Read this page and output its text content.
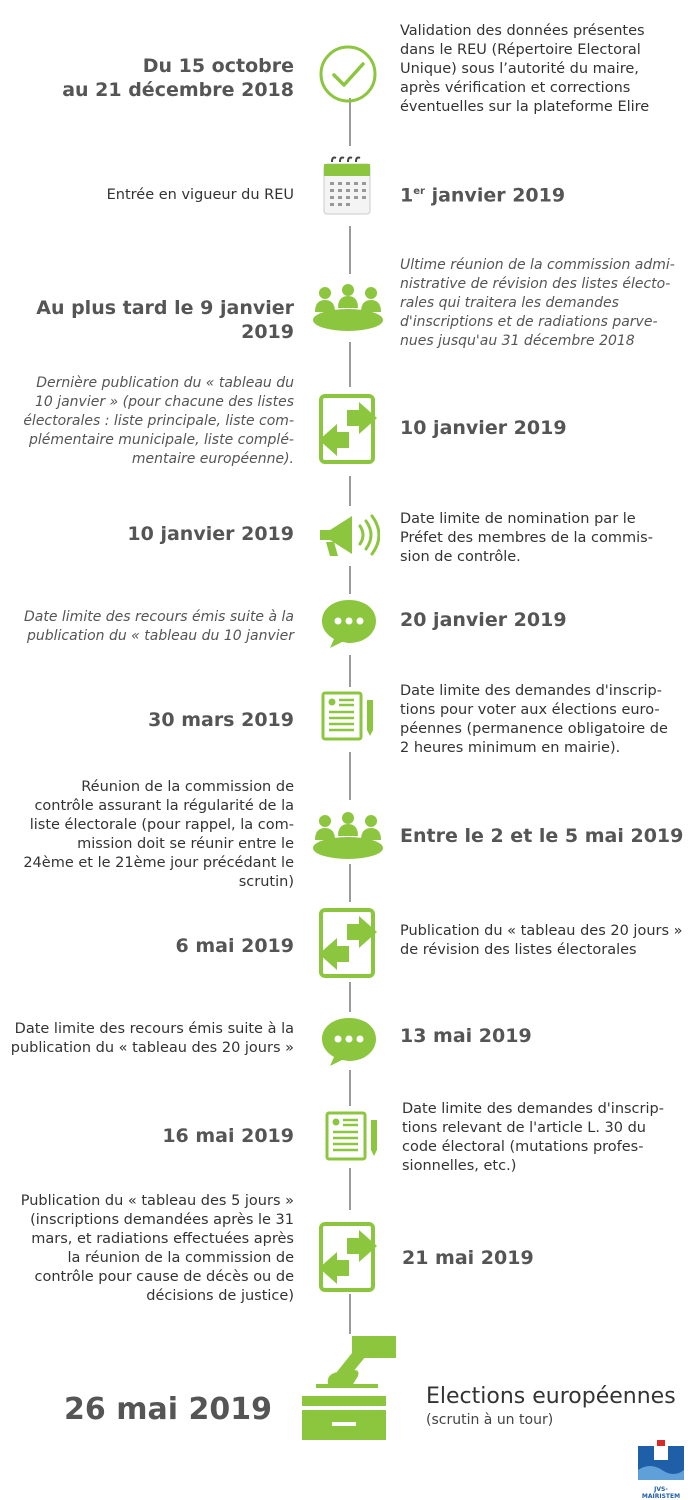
Du 15 octobre
au 21 décembre 2018
Validation des données présentes
dans le REU (Répertoire Electoral
Unique) sous l’autorité du maire,
après vérification et corrections
éventuelles sur la plateforme Elire
Entrée en vigueur du REU	1er janvier 2019
Au plus tard le 9 janvier 2019
Ultime réunion de la commission admi-
nistrative de révision des listes électo-
rales qui traitera les demandes
d'inscriptions et de radiations parve-
nues jusqu'au 31 décembre 2018
Dernière publication du « tableau du
10 janvier » (pour chacune des listes
électorales : liste principale, liste com-
plémentaire municipale, liste complé-
mentaire européenne).
10 janvier 2019
10 janvier 2019
Date limite de nomination par le
Préfet des membres de la commis-
sion de contrôle.
Date limite des recours émis suite à la
publication du « tableau du 10 janvier
20 janvier 2019
30 mars 2019
Date limite des demandes d'inscrip-
tions pour voter aux élections euro-
péennes (permanence obligatoire de
2 heures minimum en mairie).
Réunion de la commission de
contrôle assurant la régularité de la
liste électorale (pour rappel, la com-
mission doit se réunir entre le
24ème et le 21ème jour précédant le
scrutin)
Entre le 2 et le 5 mai 2019
6 mai 2019
Publication du « tableau des 20 jours »
de révision des listes électorales
Date limite des recours émis suite à la
publication du « tableau des 20 jours »
13 mai 2019
16 mai 2019
Date limite des demandes d'inscrip-
tions relevant de l'article L. 30 du
code électoral (mutations profes-
sionnelles, etc.)
Publication du « tableau des 5 jours »
(inscriptions demandées après le 31
mars, et radiations effectuées après
la réunion de la commission de
contrôle pour cause de décès ou de
décisions de justice)
21 mai 2019
26 mai 2019	Elections européennes
(scrutin à un tour)
JVS-MAIRISTEM
